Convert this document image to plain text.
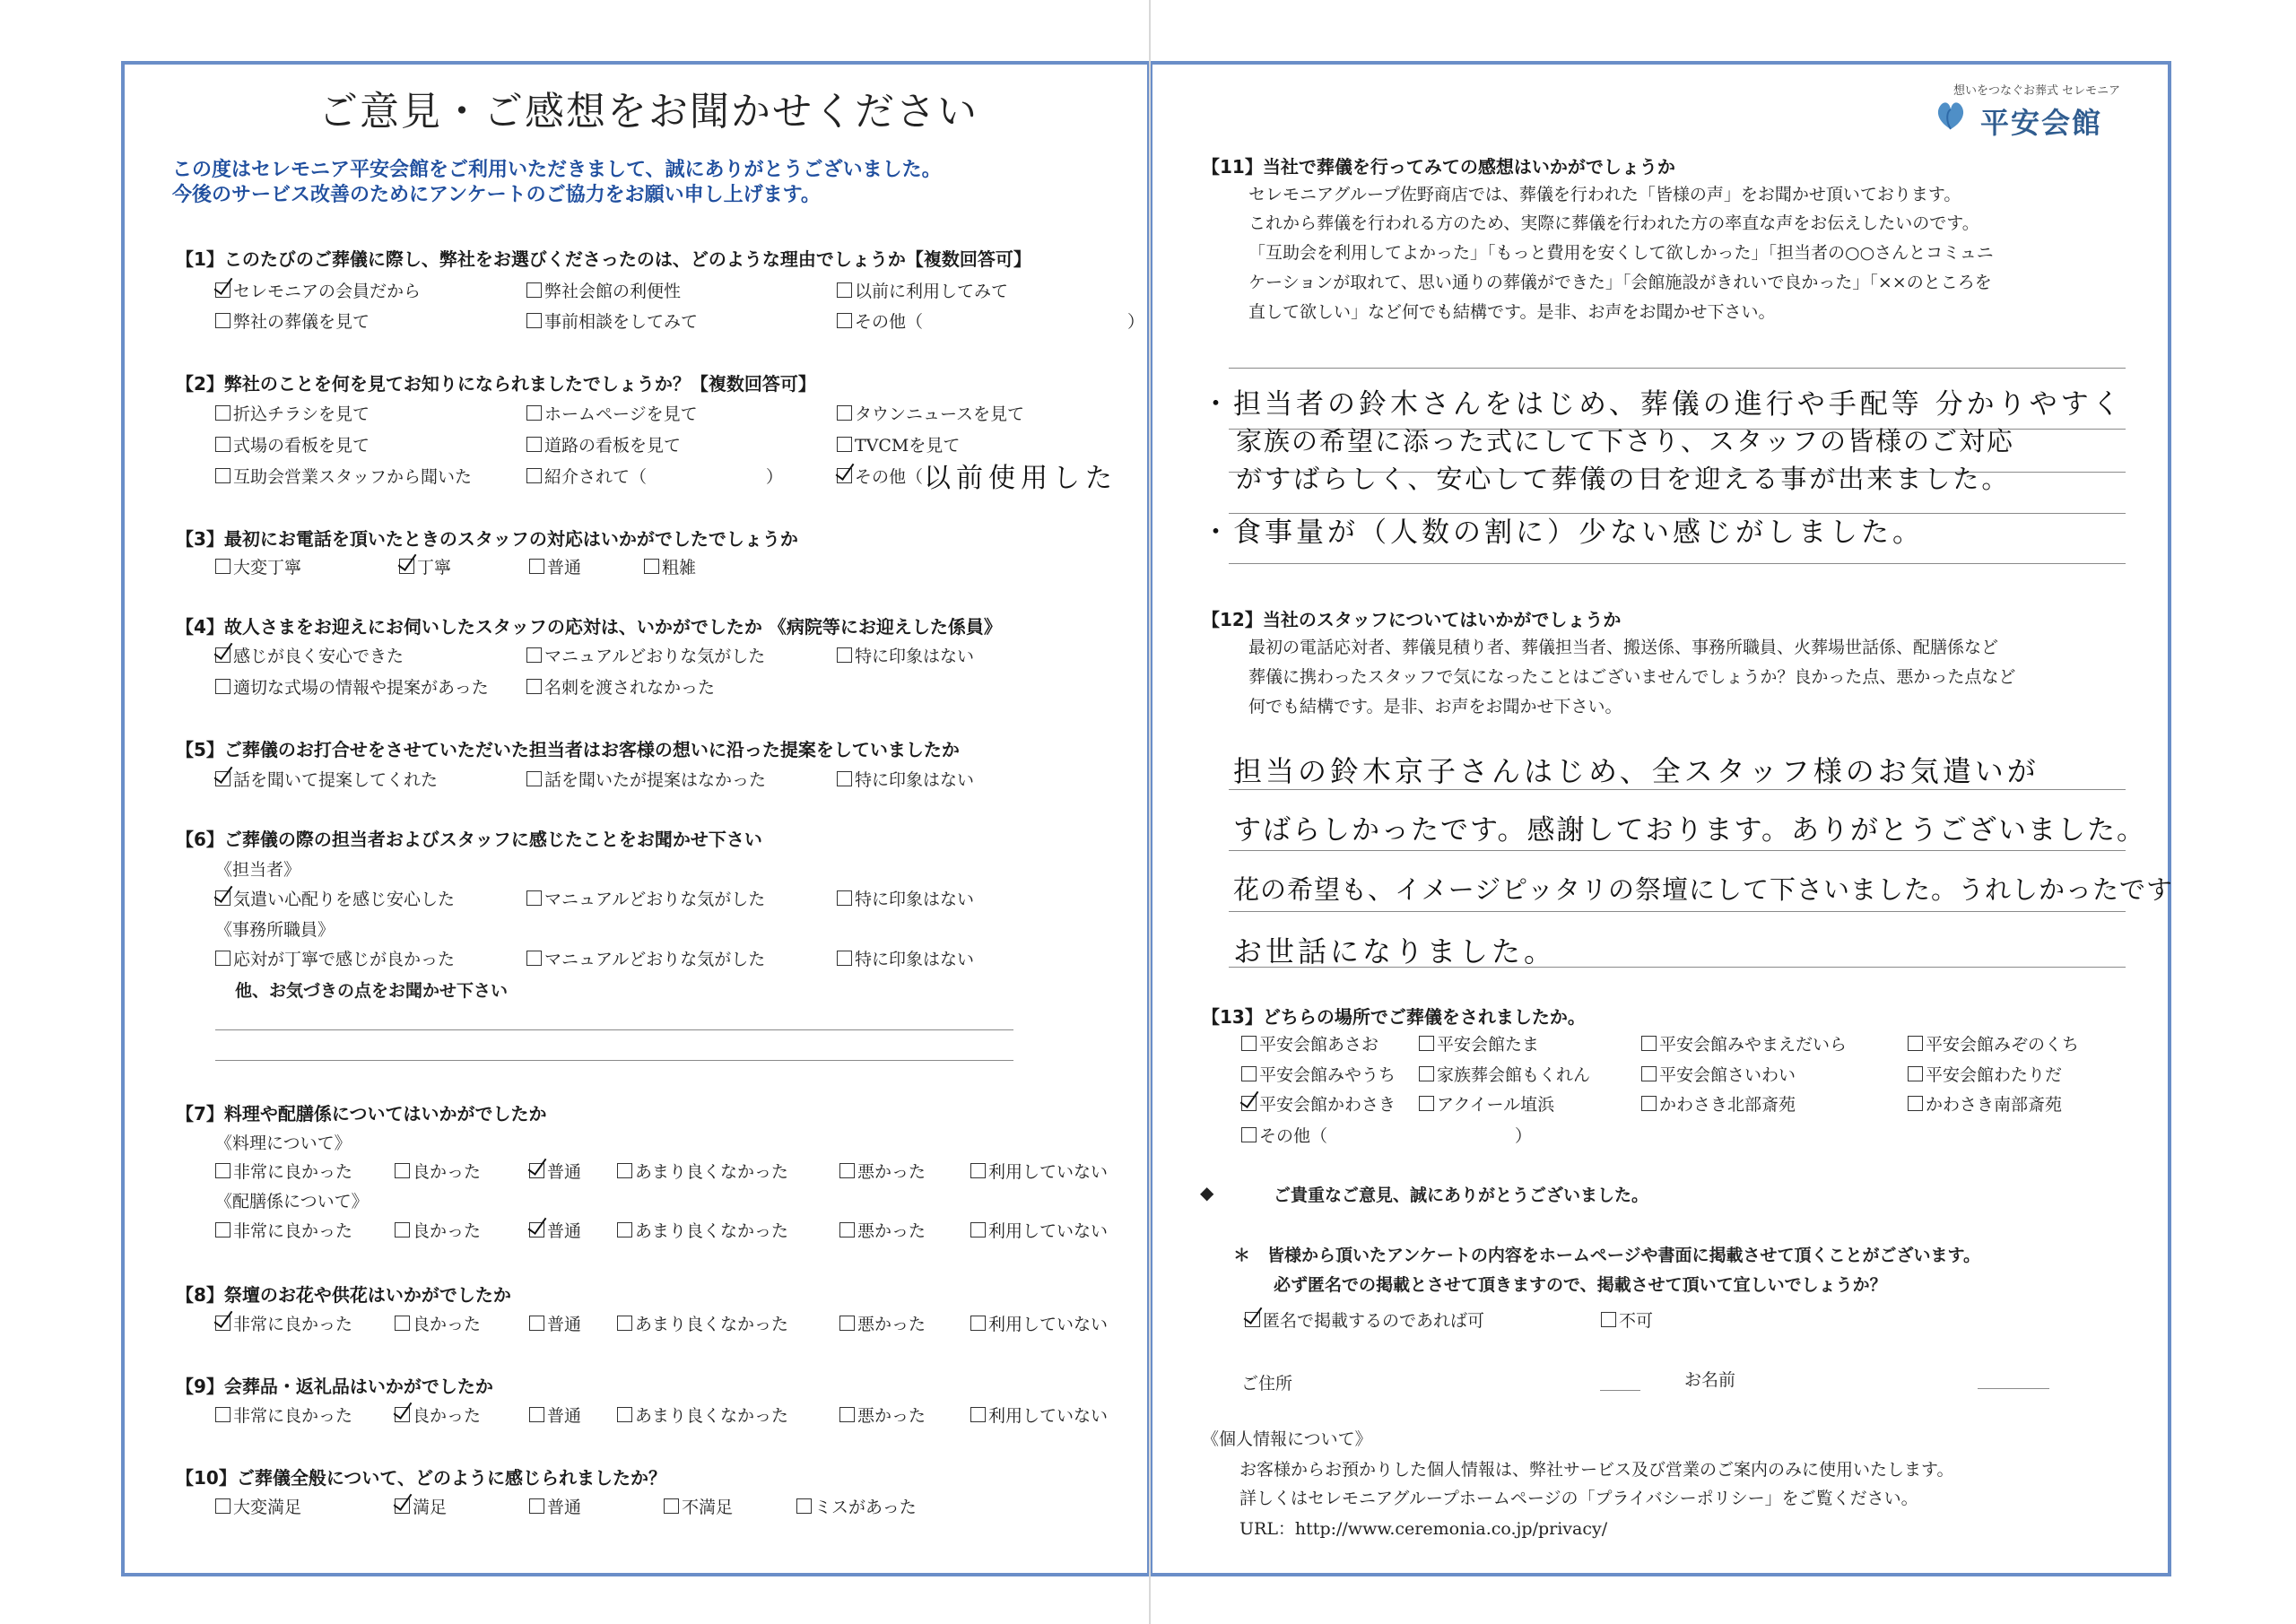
ご意見・ご感想をお聞かせください
この度はセレモニア平安会館をご利用いただきまして、誠にありがとうございました。
今後のサービス改善のためにアンケートのご協力をお願い申し上げます。
【1】このたびのご葬儀に際し、弊社をお選びくださったのは、どのような理由でしょうか【複数回答可】
セレモニアの会員だから	弊社会館の利便性	以前に利用してみて
弊社の葬儀を見て	事前相談をしてみて	その他（　　　　　　　　　　　　）
【2】弊社のことを何を見てお知りになられましたでしょうか？【複数回答可】
折込チラシを見て	ホームページを見て	タウンニュースを見て
式場の看板を見て	道路の看板を見て	TVCMを見て
互助会営業スタッフから聞いた	紹介されて（　　　　　　　）	その他（ 以前使用した
【3】最初にお電話を頂いたときのスタッフの対応はいかがでしたでしょうか
大変丁寧	丁寧	普通	粗雑
【4】故人さまをお迎えにお伺いしたスタッフの応対は、いかがでしたか 《病院等にお迎えした係員》
感じが良く安心できた	マニュアルどおりな気がした	特に印象はない
適切な式場の情報や提案があった	名刺を渡されなかった
【5】ご葬儀のお打合せをさせていただいた担当者はお客様の想いに沿った提案をしていましたか
話を聞いて提案してくれた	話を聞いたが提案はなかった	特に印象はない
【6】ご葬儀の際の担当者およびスタッフに感じたことをお聞かせ下さい
《担当者》
気遣い心配りを感じ安心した	マニュアルどおりな気がした	特に印象はない
《事務所職員》
応対が丁寧で感じが良かった	マニュアルどおりな気がした	特に印象はない
他、お気づきの点をお聞かせ下さい
【7】料理や配膳係についてはいかがでしたか
《料理について》
非常に良かった	良かった	普通	あまり良くなかった	悪かった	利用していない
《配膳係について》
非常に良かった	良かった	普通	あまり良くなかった	悪かった	利用していない
【8】祭壇のお花や供花はいかがでしたか
非常に良かった	良かった	普通	あまり良くなかった	悪かった	利用していない
【9】会葬品・返礼品はいかがでしたか
非常に良かった	良かった	普通	あまり良くなかった	悪かった	利用していない
【10】ご葬儀全般について、どのように感じられましたか？
大変満足	満足	普通	不満足	ミスがあった
想いをつなぐお葬式 セレモニア
平安会館
【11】当社で葬儀を行ってみての感想はいかがでしょうか
セレモニアグループ佐野商店では、葬儀を行われた「皆様の声」をお聞かせ頂いております。
これから葬儀を行われる方のため、実際に葬儀を行われた方の率直な声をお伝えしたいのです。
「互助会を利用してよかった」「もっと費用を安くして欲しかった」「担当者の○○さんとコミュニ
ケーションが取れて、思い通りの葬儀ができた」「会館施設がきれいで良かった」「××のところを
直して欲しい」など何でも結構です。是非、お声をお聞かせ下さい。
・担当者の鈴木さんをはじめ、葬儀の進行や手配等 分かりやすく
家族の希望に添った式にして下さり、スタッフの皆様のご対応
がすばらしく、安心して葬儀の日を迎える事が出来ました。
・食事量が（人数の割に）少ない感じがしました。
【12】当社のスタッフについてはいかがでしょうか
最初の電話応対者、葬儀見積り者、葬儀担当者、搬送係、事務所職員、火葬場世話係、配膳係など
葬儀に携わったスタッフで気になったことはございませんでしょうか？良かった点、悪かった点など
何でも結構です。是非、お声をお聞かせ下さい。
担当の鈴木京子さんはじめ、全スタッフ様のお気遣いが
すばらしかったです。感謝しております。ありがとうございました。
花の希望も、イメージピッタリの祭壇にして下さいました。うれしかったです
お世話になりました。
【13】どちらの場所でご葬儀をされましたか。
平安会館あさお	平安会館たま	平安会館みやまえだいら	平安会館みぞのくち
平安会館みやうち	家族葬会館もくれん	平安会館さいわい	平安会館わたりだ
平安会館かわさき	アクイール埴浜	かわさき北部斎苑	かわさき南部斎苑
その他（　　　　　　　　　　　）
◆	ご貴重なご意見、誠にありがとうございました。
＊　皆様から頂いたアンケートの内容をホームページや書面に掲載させて頂くことがございます。
必ず匿名での掲載とさせて頂きますので、掲載させて頂いて宜しいでしょうか？
匿名で掲載するのであれば可	不可
ご住所	お名前
《個人情報について》
お客様からお預かりした個人情報は、弊社サービス及び営業のご案内のみに使用いたします。
詳しくはセレモニアグループホームページの「プライバシーポリシー」をご覧ください。
URL：http://www.ceremonia.co.jp/privacy/
